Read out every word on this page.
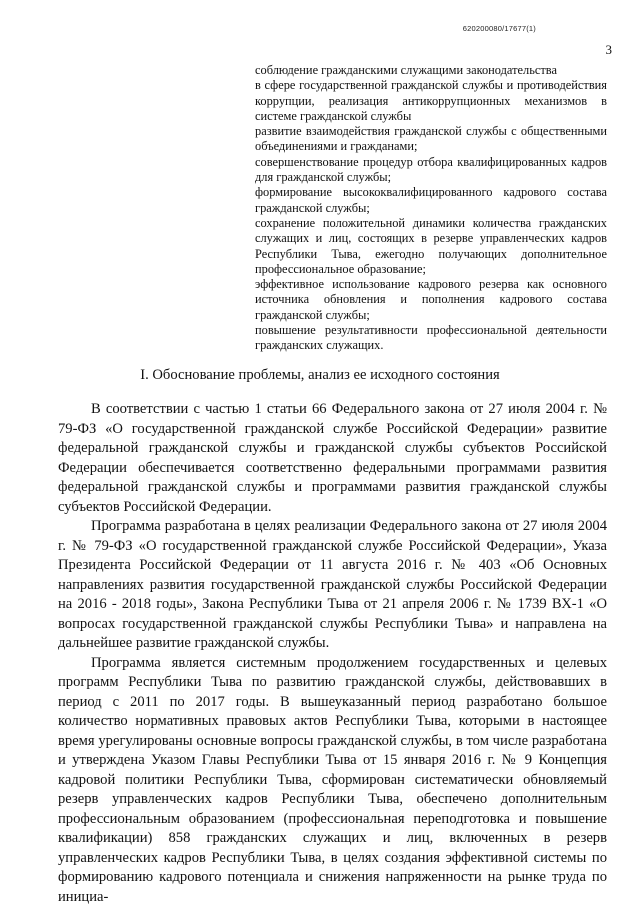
620200080/17677(1)
3

соблюдение гражданскими служащими законодательства

в сфере государственной гражданской службы и противодействия коррупции, реализация антикоррупционных механизмов в системе гражданской службы

развитие взаимодействия гражданской службы с общественными объединениями и гражданами;

совершенствование процедур отбора квалифицированных кадров для гражданской службы;

формирование высококвалифицированного кадрового состава гражданской службы;

сохранение положительной динамики количества гражданских служащих и лиц, состоящих в резерве управленческих кадров Республики Тыва, ежегодно получающих дополнительное профессиональное образование;

эффективное использование кадрового резерва как основного источника обновления и пополнения кадрового состава гражданской службы;

повышение результативности профессиональной деятельности гражданских служащих.

I. Обоснование проблемы, анализ ее исходного состояния

В соответствии с частью 1 статьи 66 Федерального закона от 27 июля 2004 г. № 79-ФЗ «О государственной гражданской службе Российской Федерации» развитие федеральной гражданской службы и гражданской службы субъектов Российской Федерации обеспечивается соответственно федеральными программами развития федеральной гражданской службы и программами развития гражданской службы субъектов Российской Федерации.

Программа разработана в целях реализации Федерального закона от 27 июля 2004 г. № 79-ФЗ «О государственной гражданской службе Российской Федерации», Указа Президента Российской Федерации от 11 августа 2016 г. № 403 «Об Основных направлениях развития государственной гражданской службы Российской Федерации на 2016 - 2018 годы», Закона Республики Тыва от 21 апреля 2006 г. № 1739 ВХ-1 «О вопросах государственной гражданской службы Республики Тыва» и направлена на дальнейшее развитие гражданской службы.

Программа является системным продолжением государственных и целевых программ Республики Тыва по развитию гражданской службы, действовавших в период с 2011 по 2017 годы. В вышеуказанный период разработано большое количество нормативных правовых актов Республики Тыва, которыми в настоящее время урегулированы основные вопросы гражданской службы, в том числе разработана и утверждена Указом Главы Республики Тыва от 15 января 2016 г. № 9 Концепция кадровой политики Республики Тыва, сформирован систематически обновляемый резерв управленческих кадров Республики Тыва, обеспечено дополнительным профессиональным образованием (профессиональная переподготовка и повышение квалификации) 858 гражданских служащих и лиц, включенных в резерв управленческих кадров Республики Тыва, в целях создания эффективной системы по формированию кадрового потенциала и снижения напряженности на рынке труда по инициа-
